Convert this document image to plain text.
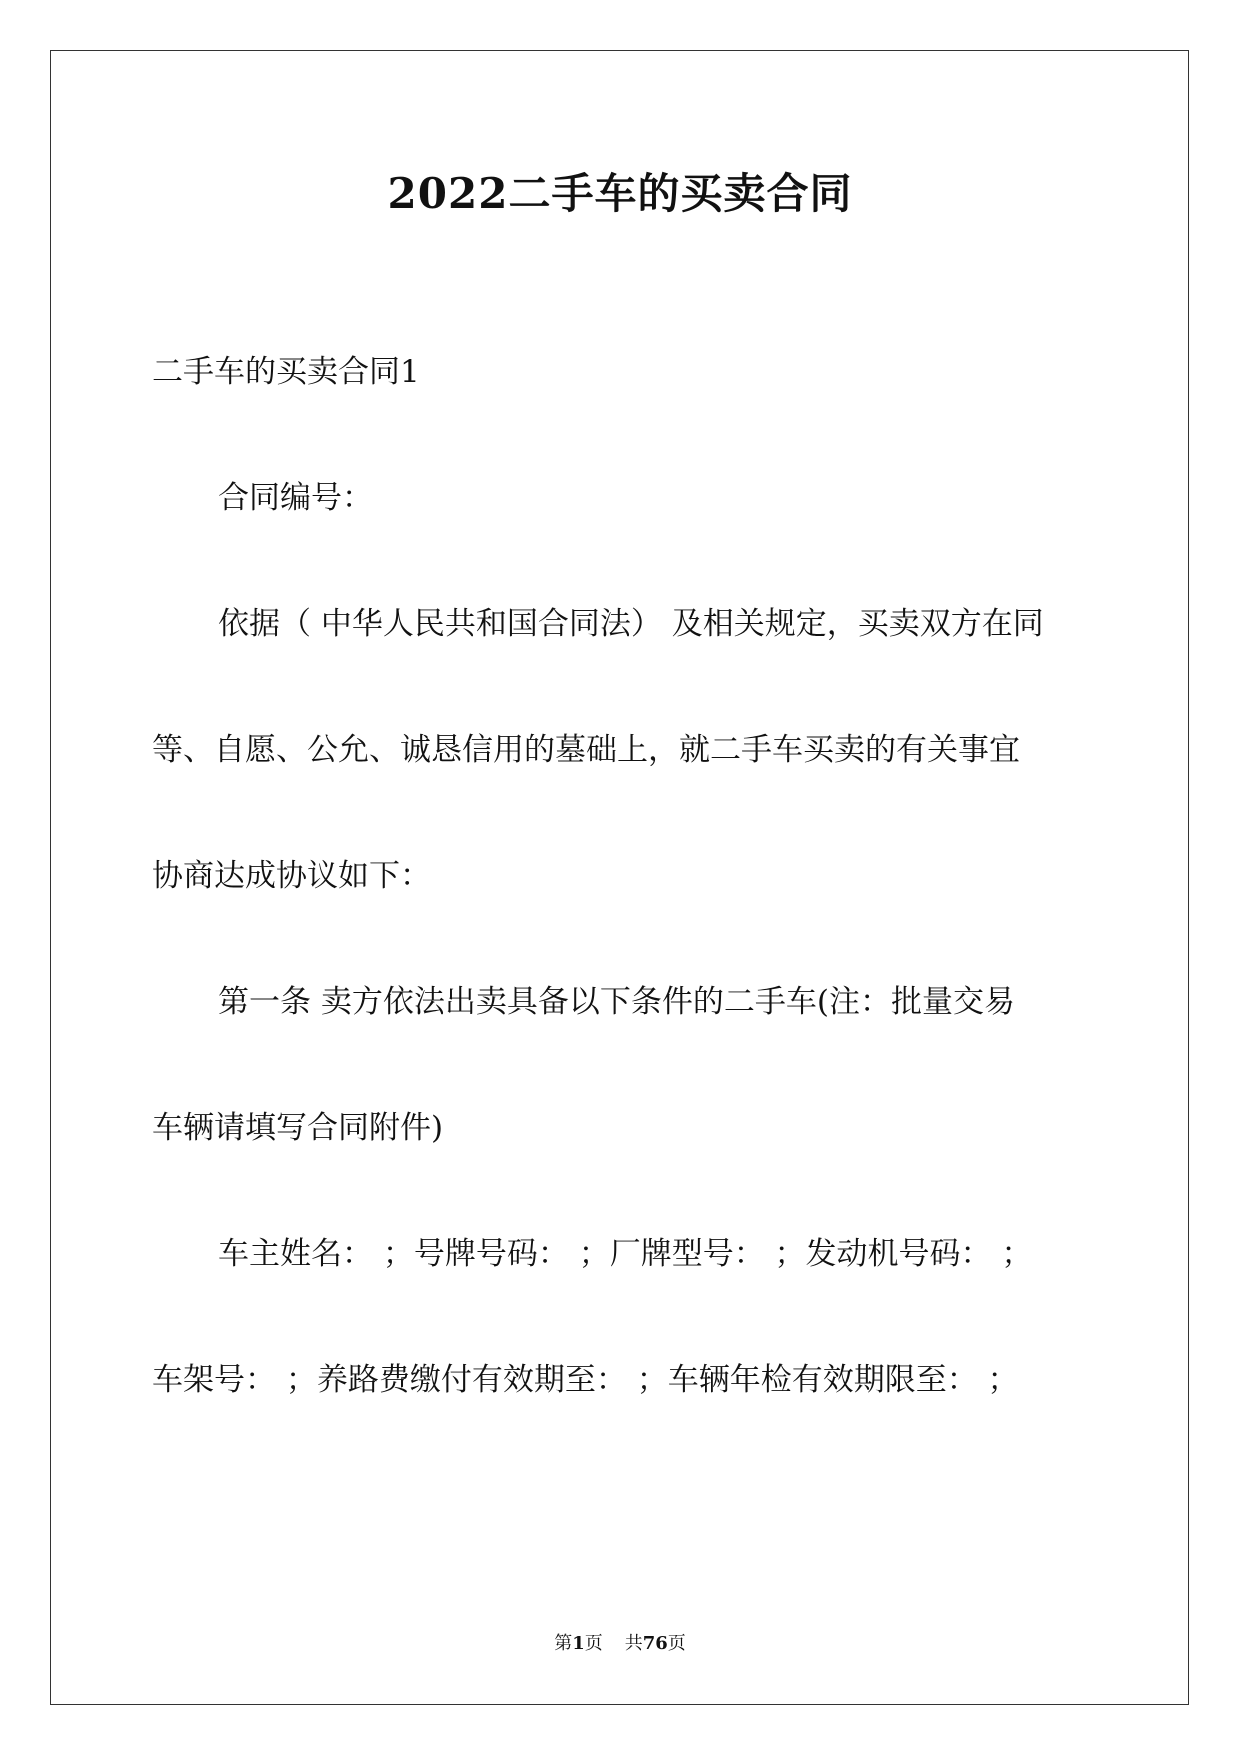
2022二手车的买卖合同
二手车的买卖合同1
合同编号：
依据（ 中华人民共和国合同法） 及相关规定，买卖双方在同
等、自愿、公允、诚恳信用的墓础上，就二手车买卖的有关事宜
协商达成协议如下：
第一条 卖方依法出卖具备以下条件的二手车(注：批量交易
车辆请填写合同附件)
车主姓名： ；号牌号码： ；厂牌型号： ；发动机号码： ；
车架号： ；养路费缴付有效期至： ；车辆年检有效期限至： ；
第1页 共76页
